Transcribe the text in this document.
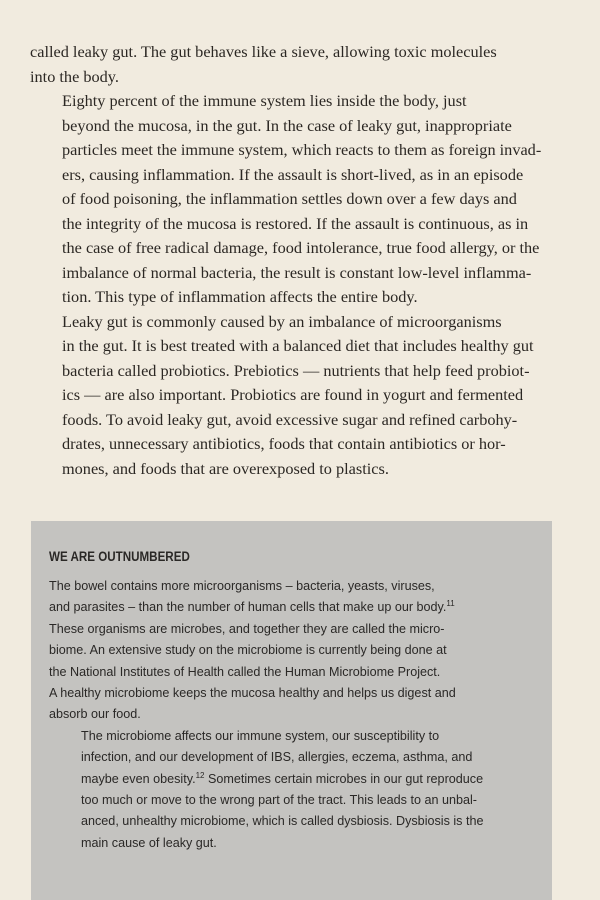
called leaky gut. The gut behaves like a sieve, allowing toxic molecules
into the body.

Eighty percent of the immune system lies inside the body, just
beyond the mucosa, in the gut. In the case of leaky gut, inappropriate
particles meet the immune system, which reacts to them as foreign invad-
ers, causing inflammation. If the assault is short-lived, as in an episode
of food poisoning, the inflammation settles down over a few days and
the integrity of the mucosa is restored. If the assault is continuous, as in
the case of free radical damage, food intolerance, true food allergy, or the
imbalance of normal bacteria, the result is constant low-level inflamma-
tion. This type of inflammation affects the entire body.

Leaky gut is commonly caused by an imbalance of microorganisms
in the gut. It is best treated with a balanced diet that includes healthy gut
bacteria called probiotics. Prebiotics — nutrients that help feed probiot-
ics — are also important. Probiotics are found in yogurt and fermented
foods. To avoid leaky gut, avoid excessive sugar and refined carbohy-
drates, unnecessary antibiotics, foods that contain antibiotics or hor-
mones, and foods that are overexposed to plastics.

WE ARE OUTNUMBERED

The bowel contains more microorganisms – bacteria, yeasts, viruses,
and parasites – than the number of human cells that make up our body.$^{11}$
These organisms are microbes, and together they are called the micro-
biome. An extensive study on the microbiome is currently being done at
the National Institutes of Health called the Human Microbiome Project.
A healthy microbiome keeps the mucosa healthy and helps us digest and
absorb our food.

The microbiome affects our immune system, our susceptibility to
infection, and our development of IBS, allergies, eczema, asthma, and
maybe even obesity.$^{12}$ Sometimes certain microbes in our gut reproduce
too much or move to the wrong part of the tract. This leads to an unbal-
anced, unhealthy microbiome, which is called dysbiosis. Dysbiosis is the
main cause of leaky gut.
